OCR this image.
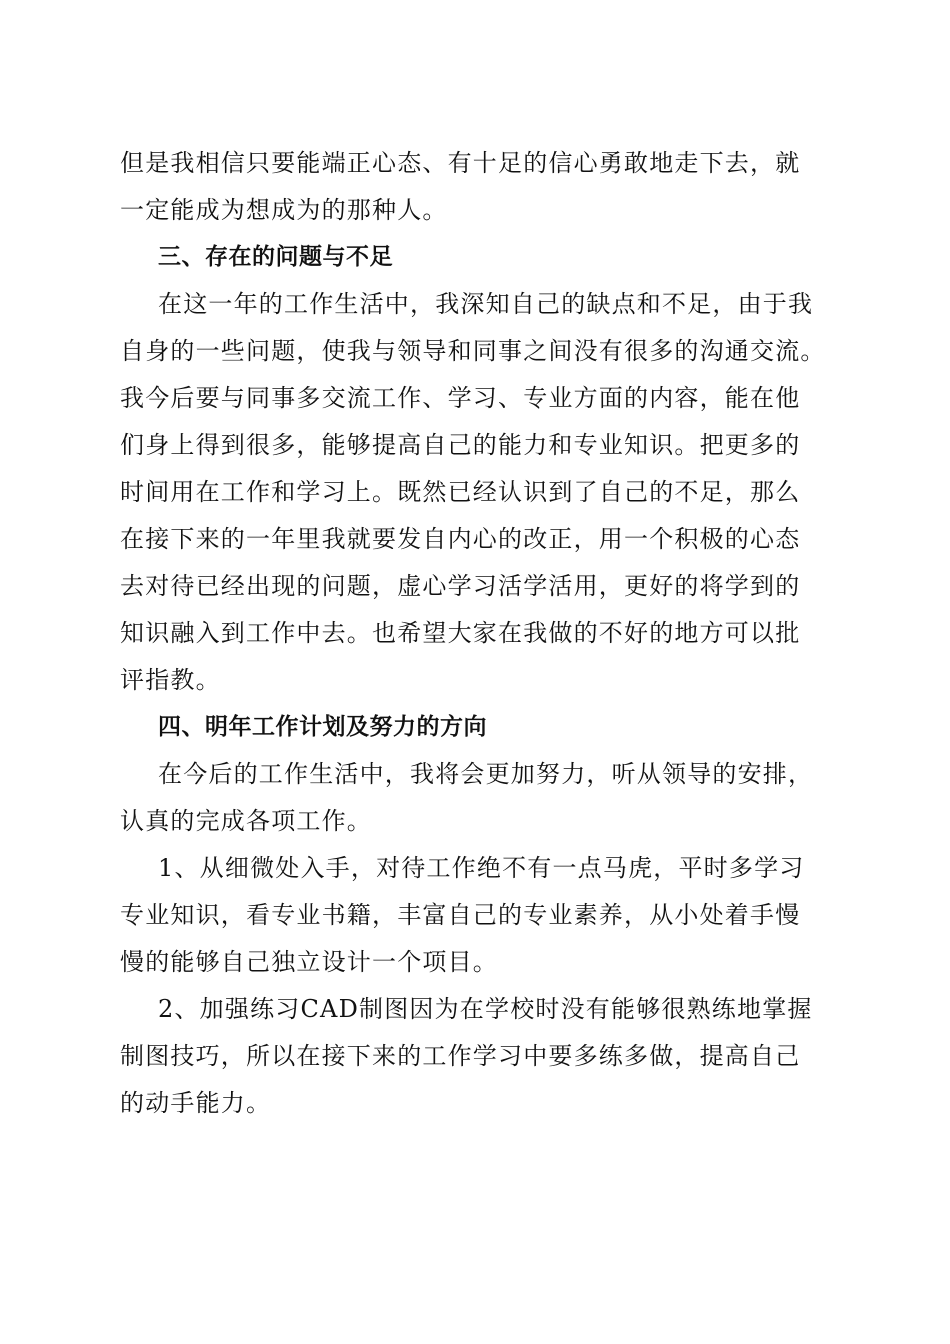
但是我相信只要能端正心态、有十足的信心勇敢地走下去，就
一定能成为想成为的那种人。
三、存在的问题与不足
在这一年的工作生活中，我深知自己的缺点和不足，由于我
自身的一些问题，使我与领导和同事之间没有很多的沟通交流。
我今后要与同事多交流工作、学习、专业方面的内容，能在他
们身上得到很多，能够提高自己的能力和专业知识。把更多的
时间用在工作和学习上。既然已经认识到了自己的不足，那么
在接下来的一年里我就要发自内心的改正，用一个积极的心态
去对待已经出现的问题，虚心学习活学活用，更好的将学到的
知识融入到工作中去。也希望大家在我做的不好的地方可以批
评指教。
四、明年工作计划及努力的方向
在今后的工作生活中，我将会更加努力，听从领导的安排，
认真的完成各项工作。
1、从细微处入手，对待工作绝不有一点马虎，平时多学习
专业知识，看专业书籍，丰富自己的专业素养，从小处着手慢
慢的能够自己独立设计一个项目。
2、加强练习CAD制图因为在学校时没有能够很熟练地掌握
制图技巧，所以在接下来的工作学习中要多练多做，提高自己
的动手能力。
